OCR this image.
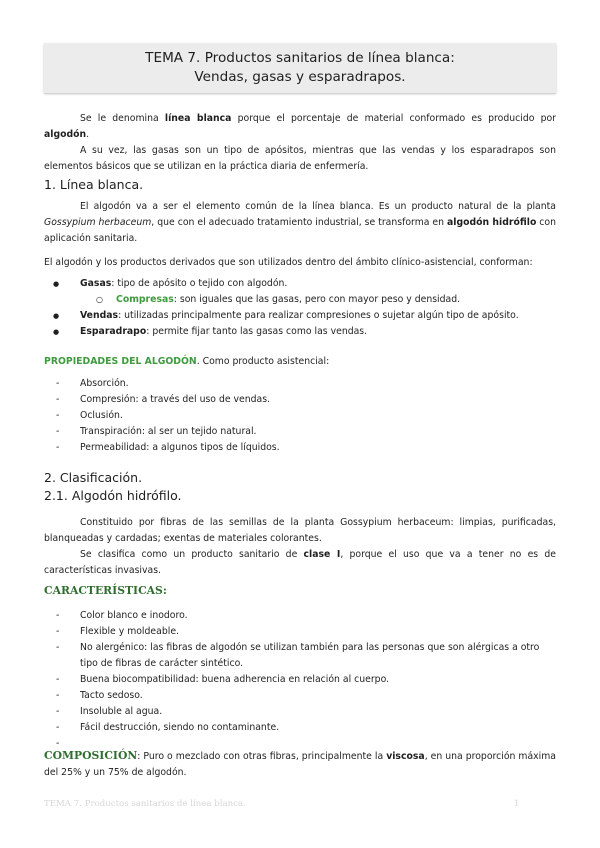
TEMA 7. Productos sanitarios de línea blanca:
Vendas, gasas y esparadrapos.
Se le denomina línea blanca porque el porcentaje de material conformado es producido por algodón.
A su vez, las gasas son un tipo de apósitos, mientras que las vendas y los esparadrapos son elementos básicos que se utilizan en la práctica diaria de enfermería.
1. Línea blanca.
El algodón va a ser el elemento común de la línea blanca. Es un producto natural de la planta Gossypium herbaceum, que con el adecuado tratamiento industrial, se transforma en algodón hidrófilo con aplicación sanitaria.
El algodón y los productos derivados que son utilizados dentro del ámbito clínico-asistencial, conforman:
● Gasas: tipo de apósito o tejido con algodón.
○ Compresas: son iguales que las gasas, pero con mayor peso y densidad.
● Vendas: utilizadas principalmente para realizar compresiones o sujetar algún tipo de apósito.
● Esparadrapo: permite fijar tanto las gasas como las vendas.
PROPIEDADES DEL ALGODÓN. Como producto asistencial:
- Absorción.
- Compresión: a través del uso de vendas.
- Oclusión.
- Transpiración: al ser un tejido natural.
- Permeabilidad: a algunos tipos de líquidos.
2. Clasificación.
2.1. Algodón hidrófilo.
Constituido por fibras de las semillas de la planta Gossypium herbaceum: limpias, purificadas, blanqueadas y cardadas; exentas de materiales colorantes.
Se clasifica como un producto sanitario de clase I, porque el uso que va a tener no es de características invasivas.
CARACTERÍSTICAS:
- Color blanco e inodoro.
- Flexible y moldeable.
- No alergénico: las fibras de algodón se utilizan también para las personas que son alérgicas a otro tipo de fibras de carácter sintético.
- Buena biocompatibilidad: buena adherencia en relación al cuerpo.
- Tacto sedoso.
- Insoluble al agua.
- Fácil destrucción, siendo no contaminante.
-
COMPOSICIÓN: Puro o mezclado con otras fibras, principalmente la viscosa, en una proporción máxima del 25% y un 75% de algodón.
TEMA 7. Productos sanitarios de línea blanca.	1
